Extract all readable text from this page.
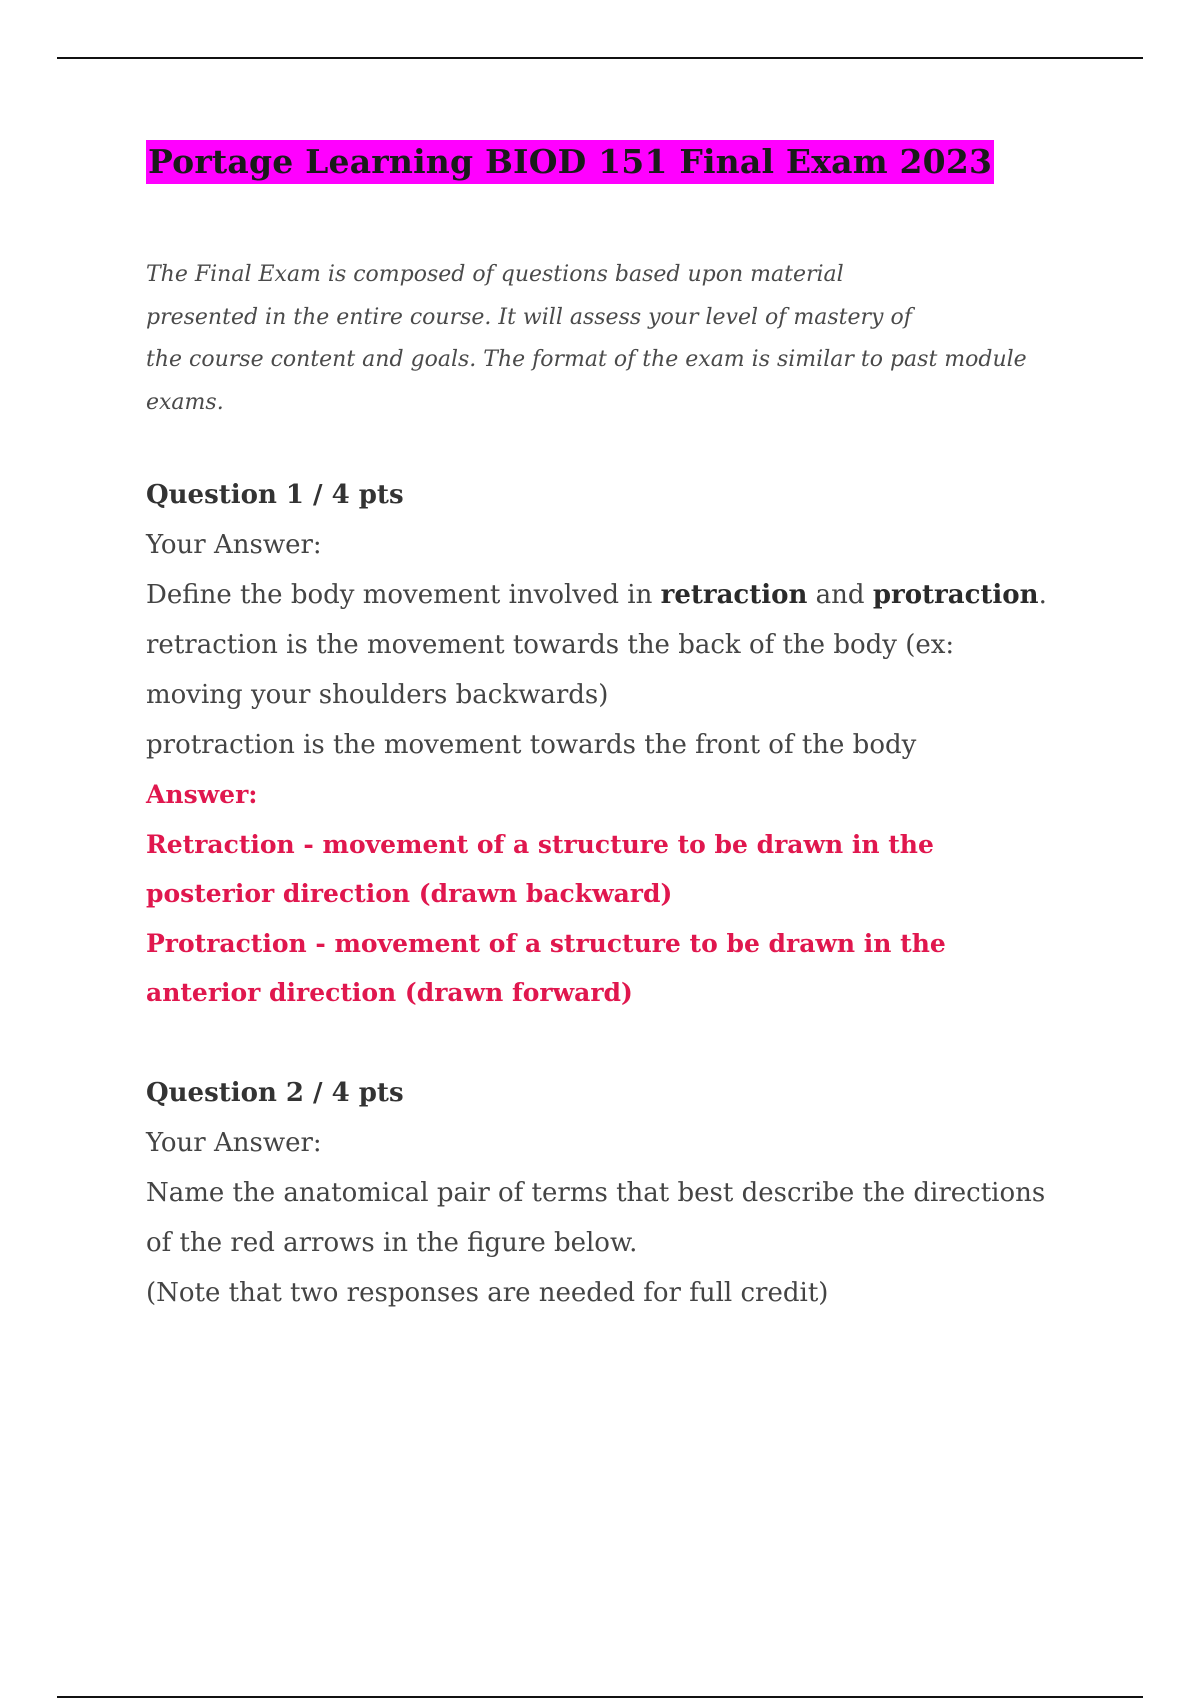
Portage Learning BIOD 151 Final Exam 2023
The Final Exam is composed of questions based upon material
presented in the entire course. It will assess your level of mastery of
the course content and goals. The format of the exam is similar to past module
exams.
Question 1 / 4 pts
Your Answer:
Define the body movement involved in retraction and protraction.
retraction is the movement towards the back of the body (ex:
moving your shoulders backwards)
protraction is the movement towards the front of the body
Answer:
Retraction - movement of a structure to be drawn in the
posterior direction (drawn backward)
Protraction - movement of a structure to be drawn in the
anterior direction (drawn forward)
Question 2 / 4 pts
Your Answer:
Name the anatomical pair of terms that best describe the directions
of the red arrows in the figure below.
(Note that two responses are needed for full credit)
